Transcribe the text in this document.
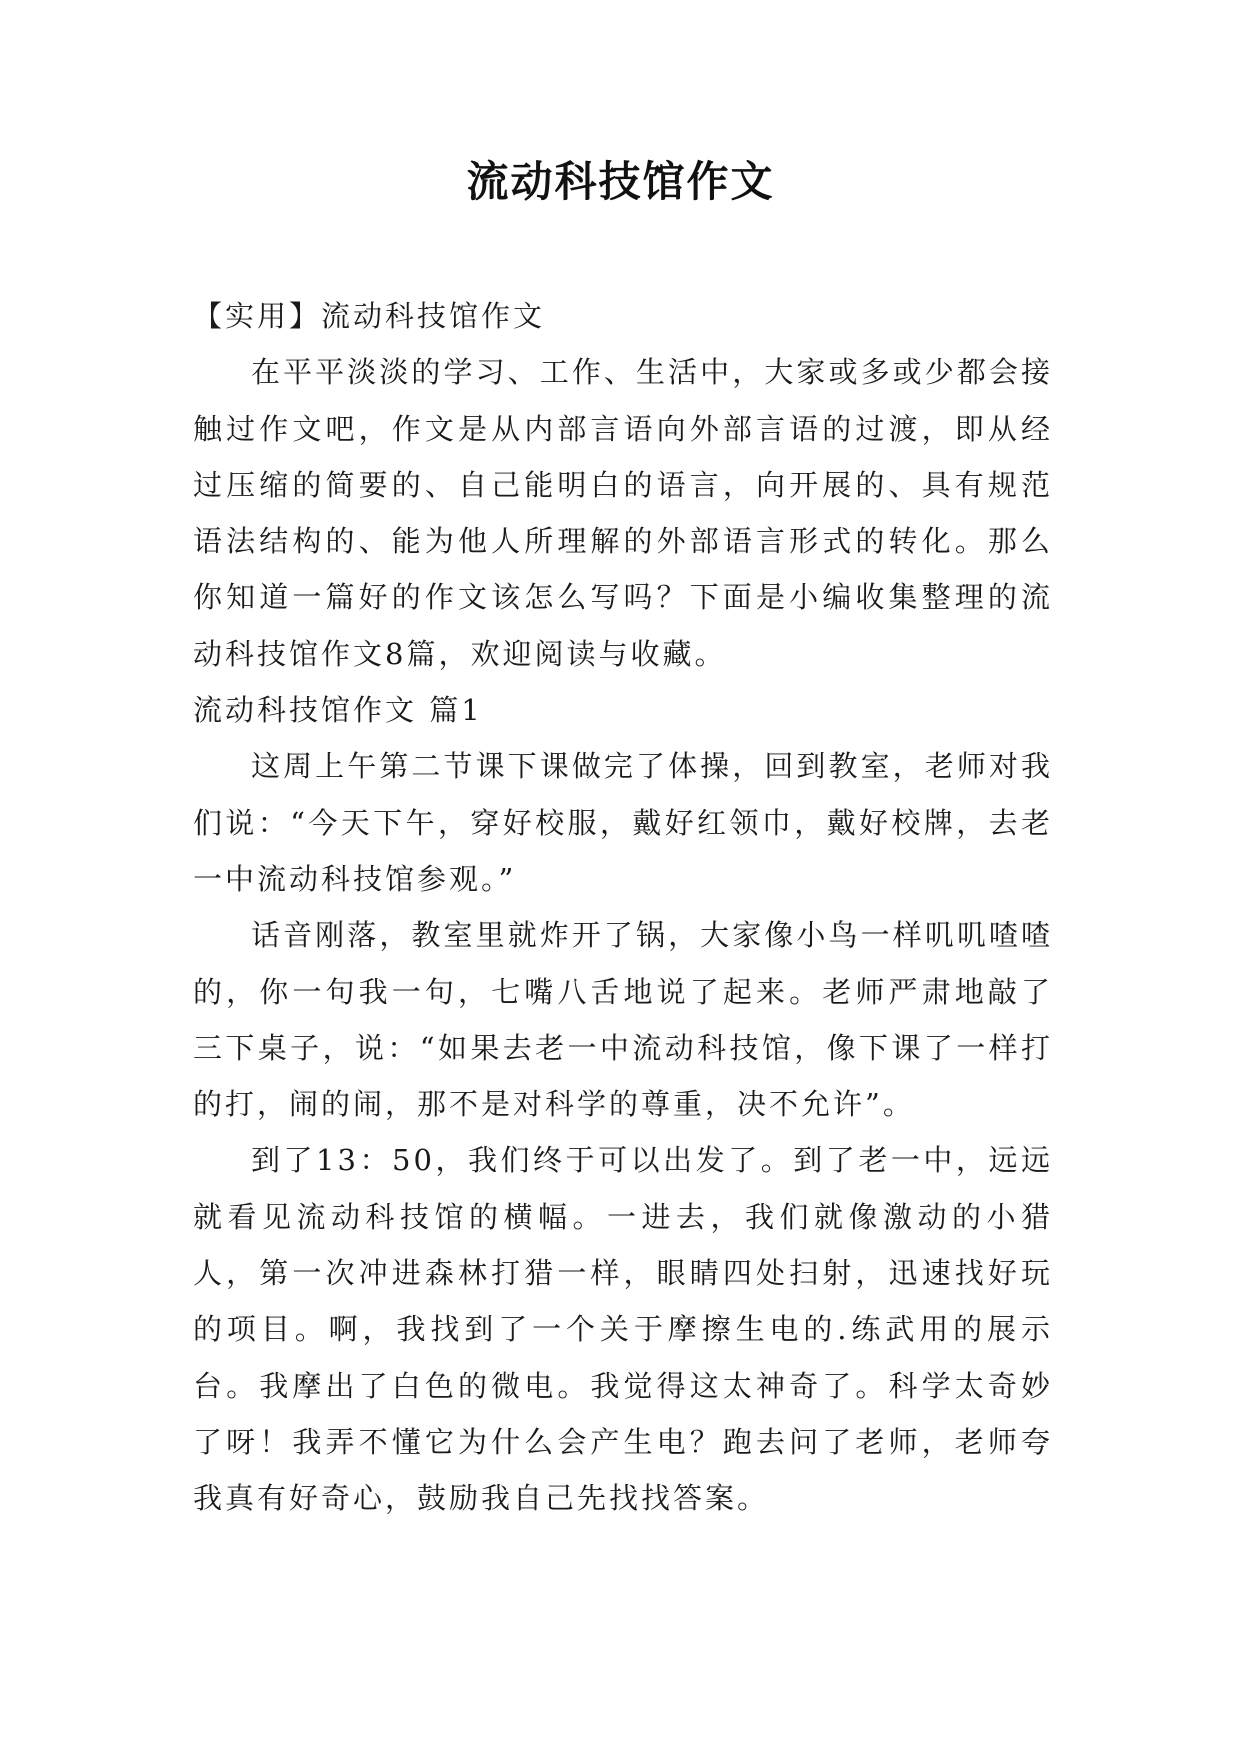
流动科技馆作文

【实用】流动科技馆作文

在平平淡淡的学习、工作、生活中，大家或多或少都会接触过作文吧，作文是从内部言语向外部言语的过渡，即从经过压缩的简要的、自己能明白的语言，向开展的、具有规范语法结构的、能为他人所理解的外部语言形式的转化。那么你知道一篇好的作文该怎么写吗？下面是小编收集整理的流动科技馆作文8篇，欢迎阅读与收藏。

流动科技馆作文 篇1

这周上午第二节课下课做完了体操，回到教室，老师对我们说：“今天下午，穿好校服，戴好红领巾，戴好校牌，去老一中流动科技馆参观。”

话音刚落，教室里就炸开了锅，大家像小鸟一样叽叽喳喳的，你一句我一句，七嘴八舌地说了起来。老师严肃地敲了三下桌子，说：“如果去老一中流动科技馆，像下课了一样打的打，闹的闹，那不是对科学的尊重，决不允许”。

到了13：50，我们终于可以出发了。到了老一中，远远就看见流动科技馆的横幅。一进去，我们就像激动的小猎人，第一次冲进森林打猎一样，眼睛四处扫射，迅速找好玩的项目。啊，我找到了一个关于摩擦生电的.练武用的展示台。我摩出了白色的微电。我觉得这太神奇了。科学太奇妙了呀！我弄不懂它为什么会产生电？跑去问了老师，老师夸我真有好奇心，鼓励我自己先找找答案。
